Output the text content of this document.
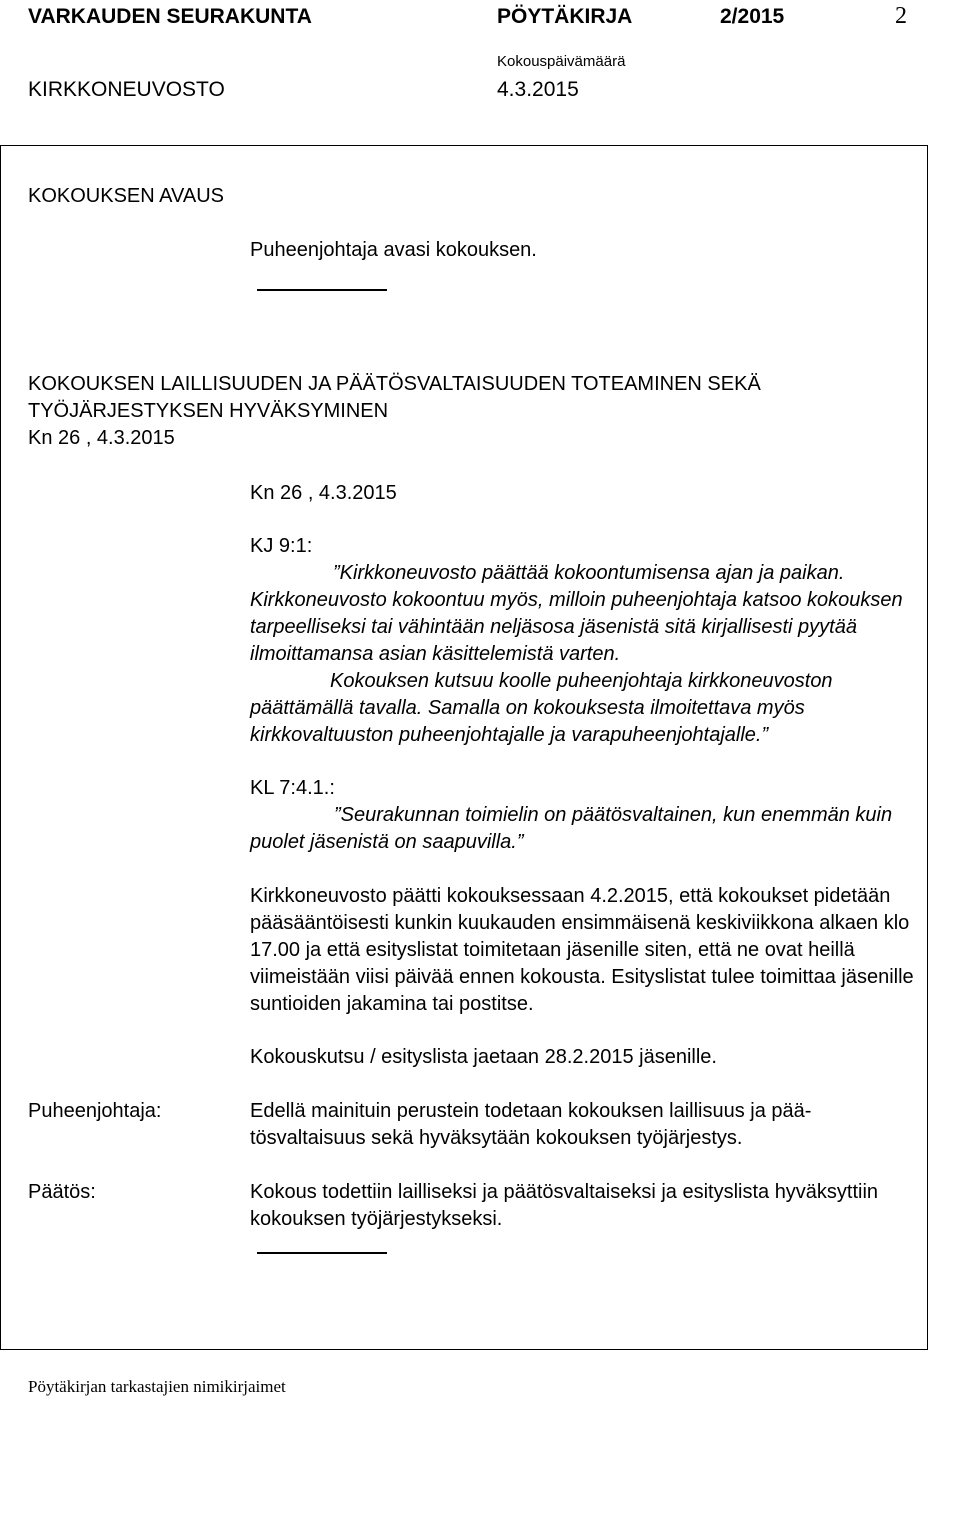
VARKAUDEN SEURAKUNTA	PÖYTÄKIRJA	2/2015	2
KIRKKONEUVOSTO
Kokouspäivämäärä
4.3.2015
KOKOUKSEN AVAUS
Puheenjohtaja avasi kokouksen.
KOKOUKSEN LAILLISUUDEN JA PÄÄTÖSVALTAISUUDEN TOTEAMINEN SEKÄ
TYÖJÄRJESTYKSEN HYVÄKSYMINEN
Kn 26 , 4.3.2015
Kn 26 , 4.3.2015
KJ 9:1:
”Kirkkoneuvosto päättää kokoontumisensa ajan ja paikan.
Kirkkoneuvosto kokoontuu myös, milloin puheenjohtaja katsoo kokouksen tarpeelliseksi tai vähintään neljäsosa jäsenistä sitä kirjallisesti pyytää ilmoittamansa asian käsittelemistä varten.
Kokouksen kutsuu koolle puheenjohtaja kirkkoneuvoston päättämällä tavalla. Samalla on kokouksesta ilmoitettava myös kirkkovaltuuston puheenjohtajalle ja varapuheenjohtajalle.”
KL 7:4.1.:
”Seurakunnan toimielin on päätösvaltainen, kun enemmän kuin puolet jäsenistä on saapuvilla.”
Kirkkoneuvosto päätti kokouksessaan 4.2.2015, että kokoukset pidetään pääsääntöisesti kunkin kuukauden ensimmäisenä keskiviikkona alkaen klo 17.00 ja että esityslistat toimitetaan jäsenille siten, että ne ovat heillä viimeistään viisi päivää ennen kokousta. Esityslistat tulee toimittaa jäsenille suntioiden jakamina tai postitse.
Kokouskutsu / esityslista jaetaan 28.2.2015 jäsenille.
Puheenjohtaja:	Edellä mainituin perustein todetaan kokouksen laillisuus ja päätösvaltaisuus sekä hyväksytään kokouksen työjärjestys.
Päätös:	Kokous todettiin lailliseksi ja päätösvaltaiseksi ja esityslista hyväksyttiin kokouksen työjärjestykseksi.
Pöytäkirjan tarkastajien nimikirjaimet
